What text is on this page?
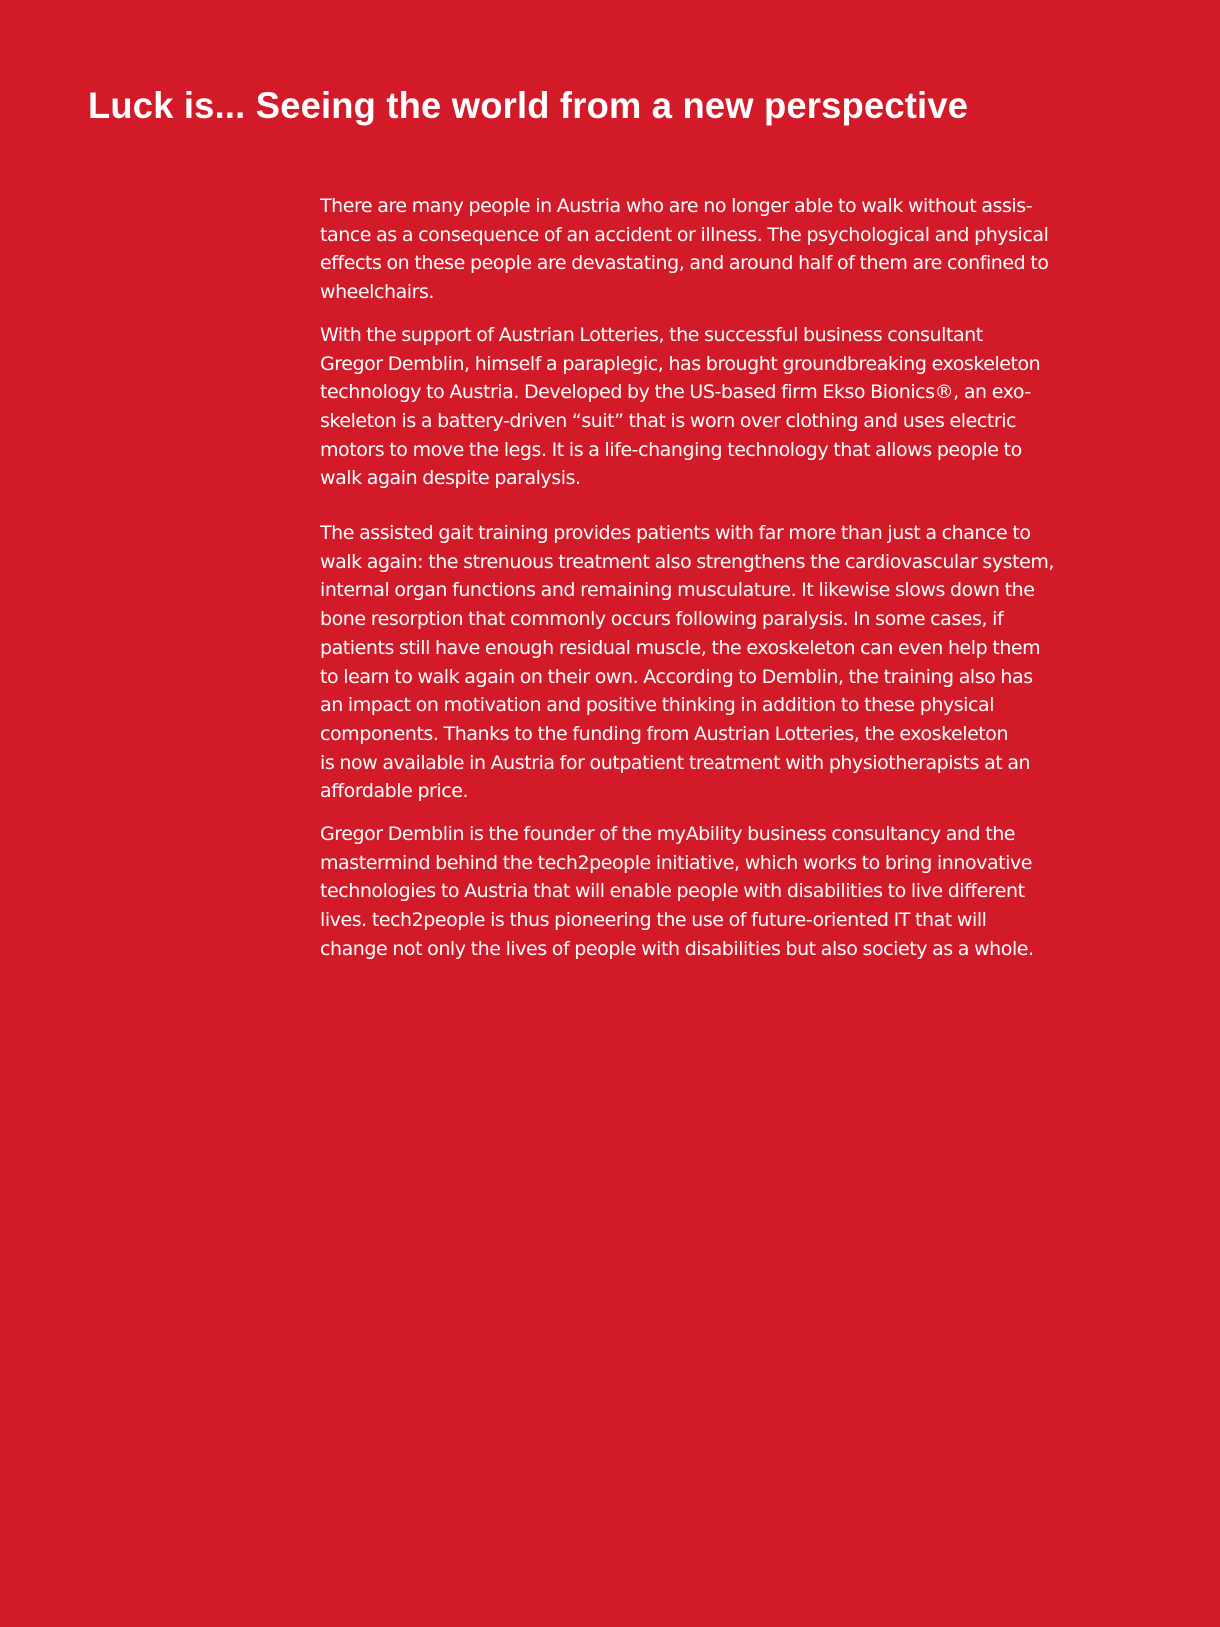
Luck is... Seeing the world from a new perspective
There are many people in Austria who are no longer able to walk without assis-
tance as a consequence of an accident or illness. The psychological and physical
effects on these people are devastating, and around half of them are confined to
wheelchairs.
With the support of Austrian Lotteries, the successful business consultant
Gregor Demblin, himself a paraplegic, has brought groundbreaking exoskeleton
technology to Austria. Developed by the US-based firm Ekso Bionics®, an exo-
skeleton is a battery-driven “suit” that is worn over clothing and uses electric
motors to move the legs. It is a life-changing technology that allows people to
walk again despite paralysis.
The assisted gait training provides patients with far more than just a chance to
walk again: the strenuous treatment also strengthens the cardiovascular system,
internal organ functions and remaining musculature. It likewise slows down the
bone resorption that commonly occurs following paralysis. In some cases, if
patients still have enough residual muscle, the exoskeleton can even help them
to learn to walk again on their own. According to Demblin, the training also has
an impact on motivation and positive thinking in addition to these physical
components. Thanks to the funding from Austrian Lotteries, the exoskeleton
is now available in Austria for outpatient treatment with physiotherapists at an
affordable price.
Gregor Demblin is the founder of the myAbility business consultancy and the
mastermind behind the tech2people initiative, which works to bring innovative
technologies to Austria that will enable people with disabilities to live different
lives. tech2people is thus pioneering the use of future-oriented IT that will
change not only the lives of people with disabilities but also society as a whole.
